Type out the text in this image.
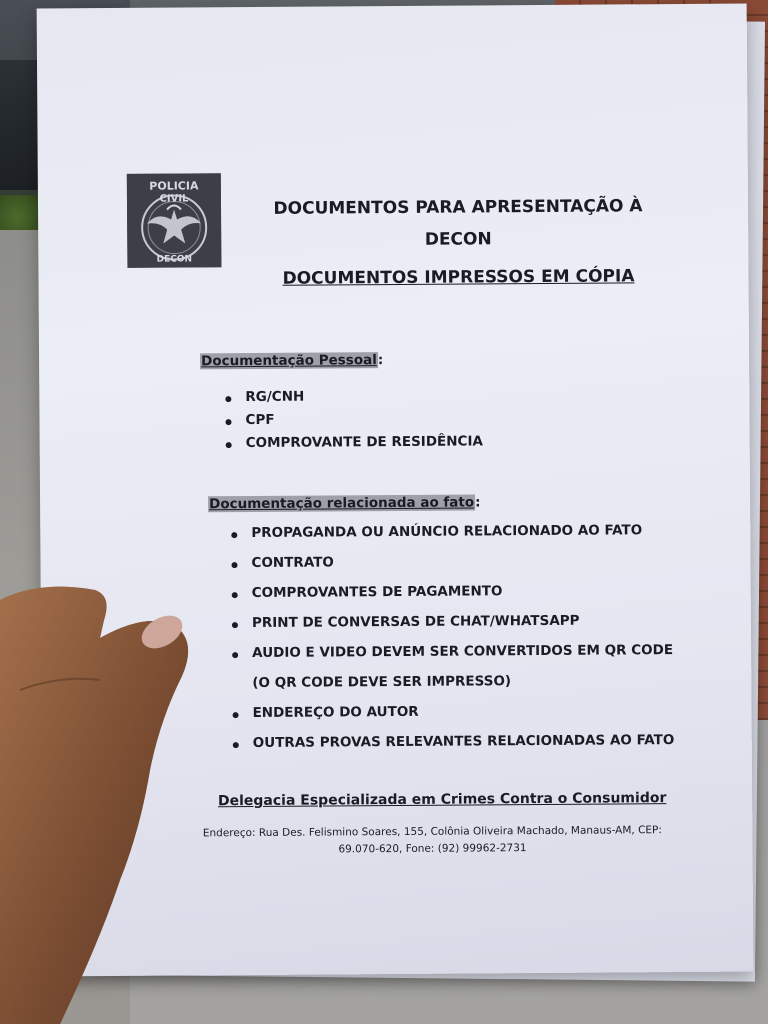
POLICIA
CIVIL
DECON
DOCUMENTOS PARA APRESENTAÇÃO À
DECON
DOCUMENTOS IMPRESSOS EM CÓPIA
Documentação Pessoal:
RG/CNH
CPF
COMPROVANTE DE RESIDÊNCIA
Documentação relacionada ao fato:
PROPAGANDA OU ANÚNCIO RELACIONADO AO FATO
CONTRATO
COMPROVANTES DE PAGAMENTO
PRINT DE CONVERSAS DE CHAT/WHATSAPP
AUDIO E VIDEO DEVEM SER CONVERTIDOS EM QR CODE
(O QR CODE DEVE SER IMPRESSO)
ENDEREÇO DO AUTOR
OUTRAS PROVAS RELEVANTES RELACIONADAS AO FATO
Delegacia Especializada em Crimes Contra o Consumidor
Endereço: Rua Des. Felismino Soares, 155, Colônia Oliveira Machado, Manaus-AM, CEP:
69.070-620, Fone: (92) 99962-2731
